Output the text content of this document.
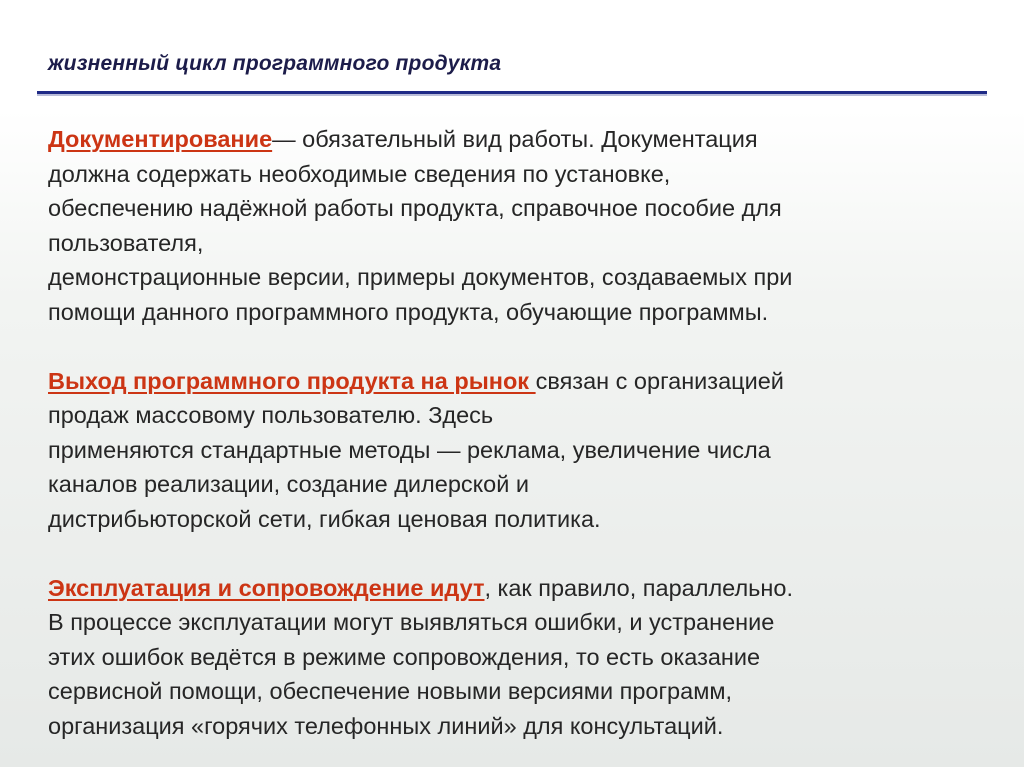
жизненный цикл программного продукта

Документирование— обязательный вид работы. Документация
должна содержать необходимые сведения по установке,
обеспечению надёжной работы продукта, справочное пособие для
пользователя,
демонстрационные версии, примеры документов, создаваемых при
помощи данного программного продукта, обучающие программы.

Выход программного продукта на рынок связан с организацией
продаж массовому пользователю. Здесь
применяются стандартные методы — реклама, увеличение числа
каналов реализации, создание дилерской и
дистрибьюторской сети, гибкая ценовая политика.

Эксплуатация и сопровождение идут, как правило, параллельно.
В процессе эксплуатации могут выявляться ошибки, и устранение
этих ошибок ведётся в режиме сопровождения, то есть оказание
сервисной помощи, обеспечение новыми версиями программ,
организация «горячих телефонных линий» для консультаций.
